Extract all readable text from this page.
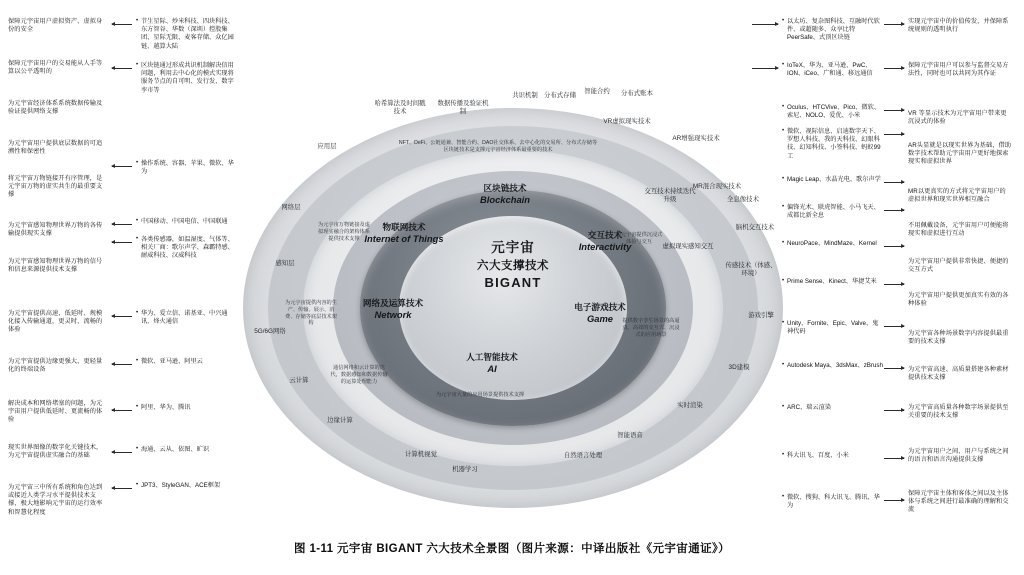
元宇宙
六大支撑技术
BIGANT
区块链技术
Blockchain
交互技术
Interactivity
电子游戏技术
Game
人工智能技术
AI
网络及运算技术
Network
物联网技术
Internet of Things
应用层
网络层
感知层
5G/6G网络
云计算
边缘计算
计算机视觉
机器学习
自然语言处理
智能语音
实时渲染
3D建模
游戏引擎
脑机交互技术
全息像技术
VR虚拟现实技术
AR增强现实技术
MR混合现实技术
共识机制 分布式存储
智能合约	分布式账本
哈希算法及时间戳技术
数据传播及验证机制
交互技术持续迭代升级
传感技术（体感、环境）
虚拟现实感知交互
为元宇宙万物链接及虚拟现实融合的架构体系提供技术支撑
为元宇宙提供内容的生产、传输、展示、消费、存储等底层技术架构
通信网络和云计算的迭代，数据感知和数据传输的运算处理能力
为元宇宙大量的应用场景提供技术支撑
为元宇宙提供沉浸式体验与交互
提供数字孪生场景的高逼真、高效的交互式、沉浸式的应用场景
NFT、DeFi、公链通兼、智能合约、DAO社交体系、去中心化的交易所、分布式存储等 区块链技术是支撑元宇宙经济体系最重要的技术
保障元宇宙用户虚拟资产、虚拟身份的安全
保障元宇宙用户的交易能从人手等算以公平透明的
为元宇宙经济体系系统数据传输及验证提供网络支撑
为元宇宙用户提供底层数据的可追溯性和保密性
将元宇宙万物链接开有序管理，是元宇宙万物的虚实共生的最重要支撑
为元宇宙感知物理世界万物的各传输提供现实支撑
为元宇宙感知物理世界万物的信号和信息来源提供技术支撑
为元宇宙提供高速、低延时、规模化接入传输通道，更灵时、流畅的体验
为元宇宙提供边缘更强大、更轻量化的终端设备
解决成本和网络堵塞的问题，为元宇宙用户提供低延时、更流畅的体验
现实世界图像的数字化关键技术，为元宇宙提供虚实融合的基础
为元宇宙三中所有系统和角色达到或接近人类学习水平提供技术支撑，极大地影响元宇宙的运行效率和智慧化程度
• 节生星际、炒米科技、四块科技、东方智谷、华数（深圳）控股集团、星际无限、麦客存储、众亿园链、越算大陆
• 区块链通过形成共识机制解决信用问题，利用去中心化的模式实现将服务节点的自可明、发行发、数字孪市等
• 操作系统、容器、苹果、微软、华为
• 中国移动、中国电信、中国联通
• 各类传感器，如温湿度、气体等、相关厂商：歌尔声学、森霸特感、耐威科技、汉威科技
• 华为、爱立信、诺基亚、中兴通讯、烽火通信
• 微软、亚马逊、阿里云
• 阿里、华为、腾讯
• 海通、云从、依图、旷识
• JPT3、StyleGAN、ACE框架
• 以太坊、复杂图科技、互融时代软件、或超随多、众享比特 PeerSafe、式顶区块链
• IoTeX、华为、亚马逊、PwC、ION、iCeo、广和通、移远通信
• Oculus、HTCVive、Pico、微软、索尼、NOLO、爱优、小米
• 微软、视际信息、启迪数字天下、罗想人科技、我的天科技、幻眼科技、幻知科技、小签科技、蚂蚁99工
• Magic Leap、水晶光电、歌尔声学
• 偏锋光术、联虎智能、小马飞天、成都比新全息
• NeuroPace、MindMaze、Kernel
• Prime Sense、Kinect、华捷艾米
• Unity、Fornite、Epic、Valve、鬼神代码
• Autodesk Maya、3dsMax、zBrush
• ARC、瑞云渲染
• 科大讯飞、百度、小米
• 微软、搜狗、科大讯飞、腾讯、华为
实现元宇宙中的价值传发，并保障系统规则的透明执行
保障元宇宙用户可以参与监督交易方法性，同时也可以共同为其作证
VR 等显示技术为元宇宙用户带来更沉浸式的体验
AR头显就是以现实世界为基础，借助数字技术帮助元宇宙用户更好地探索现实和虚拟世界
MR以更真实的方式将元宇宙用户的虚拟世界和现实世界相互融合
不用佩戴设备，元宇宙用户可便能将现实和虚拟进行互动
为元宇宙用户提供非常快捷、便捷的交互方式
为元宇宙用户提供更加真实有效的各种体验
为元宇宙各种场景数字内容提供最重要的技术支撑
为元宇宙高速、高质量搭建各种素材提供技术支撑
为元宇宙高质量各种数字场景提供至关重要的技术支撑
为元宇宙用户之间、用户与系统之间的语言和语言沟通提供支撑
保障元宇宙主体和客体之间以及主体体与系统之间进行最准确的理解和交流
图 1-11 元宇宙 BIGANT 六大技术全景图（图片来源：中译出版社《元宇宙通证》）
